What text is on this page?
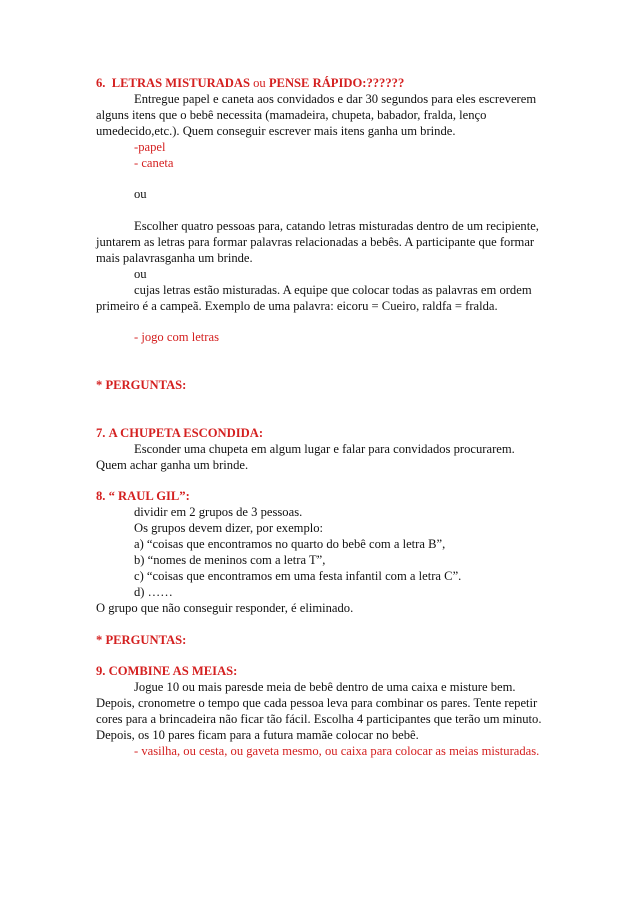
6. LETRAS MISTURADAS ou PENSE RÁPIDO:??????

Entregue papel e caneta aos convidados e dar 30 segundos para eles escreverem alguns itens que o bebê necessita (mamadeira, chupeta, babador, fralda, lenço umedecido,etc.). Quem conseguir escrever mais itens ganha um brinde.

-papel

- caneta

ou

Escolher quatro pessoas para, catando letras misturadas dentro de um recipiente, juntarem as letras para formar palavras relacionadas a bebês. A participante que formar mais palavrasganha um brinde.

ou

cujas letras estão misturadas. A equipe que colocar todas as palavras em ordem primeiro é a campeã. Exemplo de uma palavra: eicoru = Cueiro, raldfa = fralda.

- jogo com letras

* PERGUNTAS:

7. A CHUPETA ESCONDIDA:

Esconder uma chupeta em algum lugar e falar para convidados procurarem. Quem achar ganha um brinde.

8. “ RAUL GIL”:

dividir em 2 grupos de 3 pessoas.

Os grupos devem dizer, por exemplo:

a) “coisas que encontramos no quarto do bebê com a letra B”,

b) “nomes de meninos com a letra T”,

c) “coisas que encontramos em uma festa infantil com a letra C”.

d) ……

O grupo que não conseguir responder, é eliminado.

* PERGUNTAS:

9. COMBINE AS MEIAS:

Jogue 10 ou mais paresde meia de bebê dentro de uma caixa e misture bem. Depois, cronometre o tempo que cada pessoa leva para combinar os pares. Tente repetir cores para a brincadeira não ficar tão fácil. Escolha 4 participantes que terão um minuto. Depois, os 10 pares ficam para a futura mamãe colocar no bebê.

- vasilha, ou cesta, ou gaveta mesmo, ou caixa para colocar as meias misturadas.
